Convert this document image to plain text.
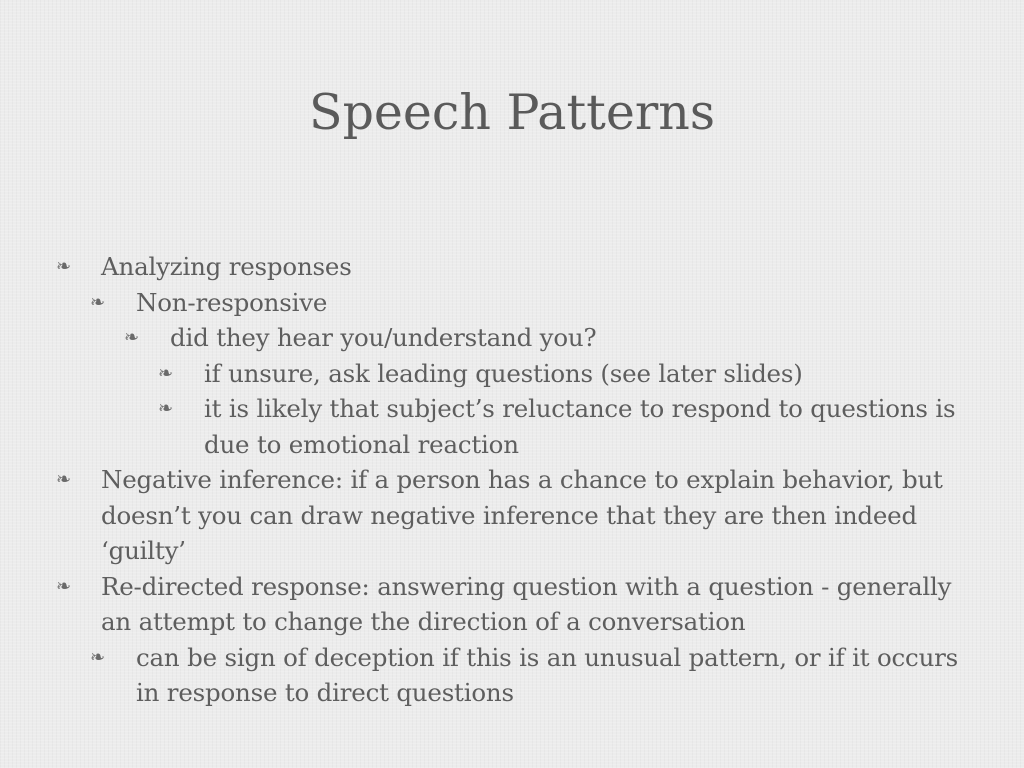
Speech Patterns
❧	Analyzing responses
❧	Non-responsive
❧	did they hear you/understand you?
❧	if unsure, ask leading questions (see later slides)
❧	it is likely that subject’s reluctance to respond to questions is due to emotional reaction
❧	Negative inference: if a person has a chance to explain behavior, but doesn’t you can draw negative inference that they are then indeed ‘guilty’
❧	Re-directed response: answering question with a question - generally an attempt to change the direction of a conversation
❧	can be sign of deception if this is an unusual pattern, or if it occurs in response to direct questions
